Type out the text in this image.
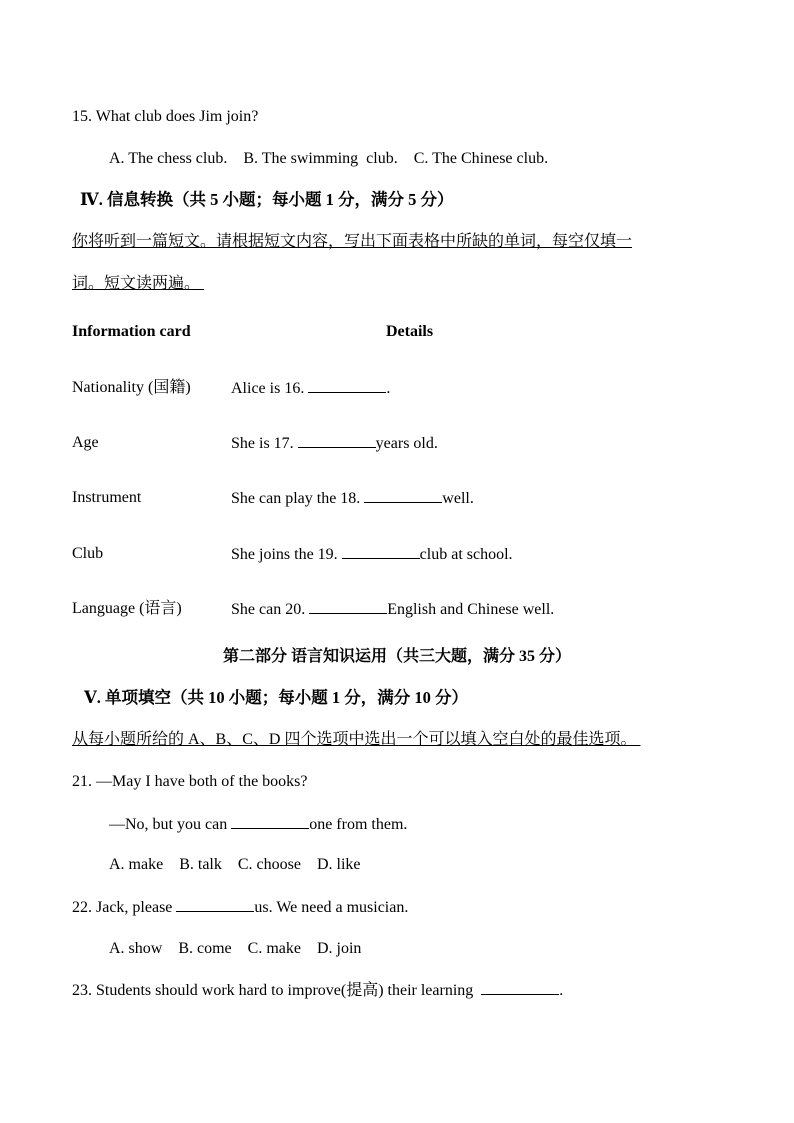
15. What club does Jim join?
A. The chess club.    B. The swimming  club.    C. The Chinese club.
Ⅳ. 信息转换（共 5 小题；每小题 1 分，满分 5 分）
你将听到一篇短文。请根据短文内容，写出下面表格中所缺的单词，每空仅填一
词。短文读两遍。
Information card	Details
Nationality (国籍)	Alice is 16.	.
Age	She is 17.	years old.
Instrument	She can play the 18.	well.
Club	She joins the 19.	club at school.
Language (语言)	She can 20.	English and Chinese well.
第二部分 语言知识运用（共三大题，满分 35 分）
Ⅴ. 单项填空（共 10 小题；每小题 1 分，满分 10 分）
从每小题所给的 A、B、C、D 四个选项中选出一个可以填入空白处的最佳选项。
21. —May I have both of the books?
—No, but you can	one from them.
A. make    B. talk    C. choose    D. like
22. Jack, please	us. We need a musician.
A. show    B. come    C. make    D. join
23. Students should work hard to improve(提高) their learning	.
